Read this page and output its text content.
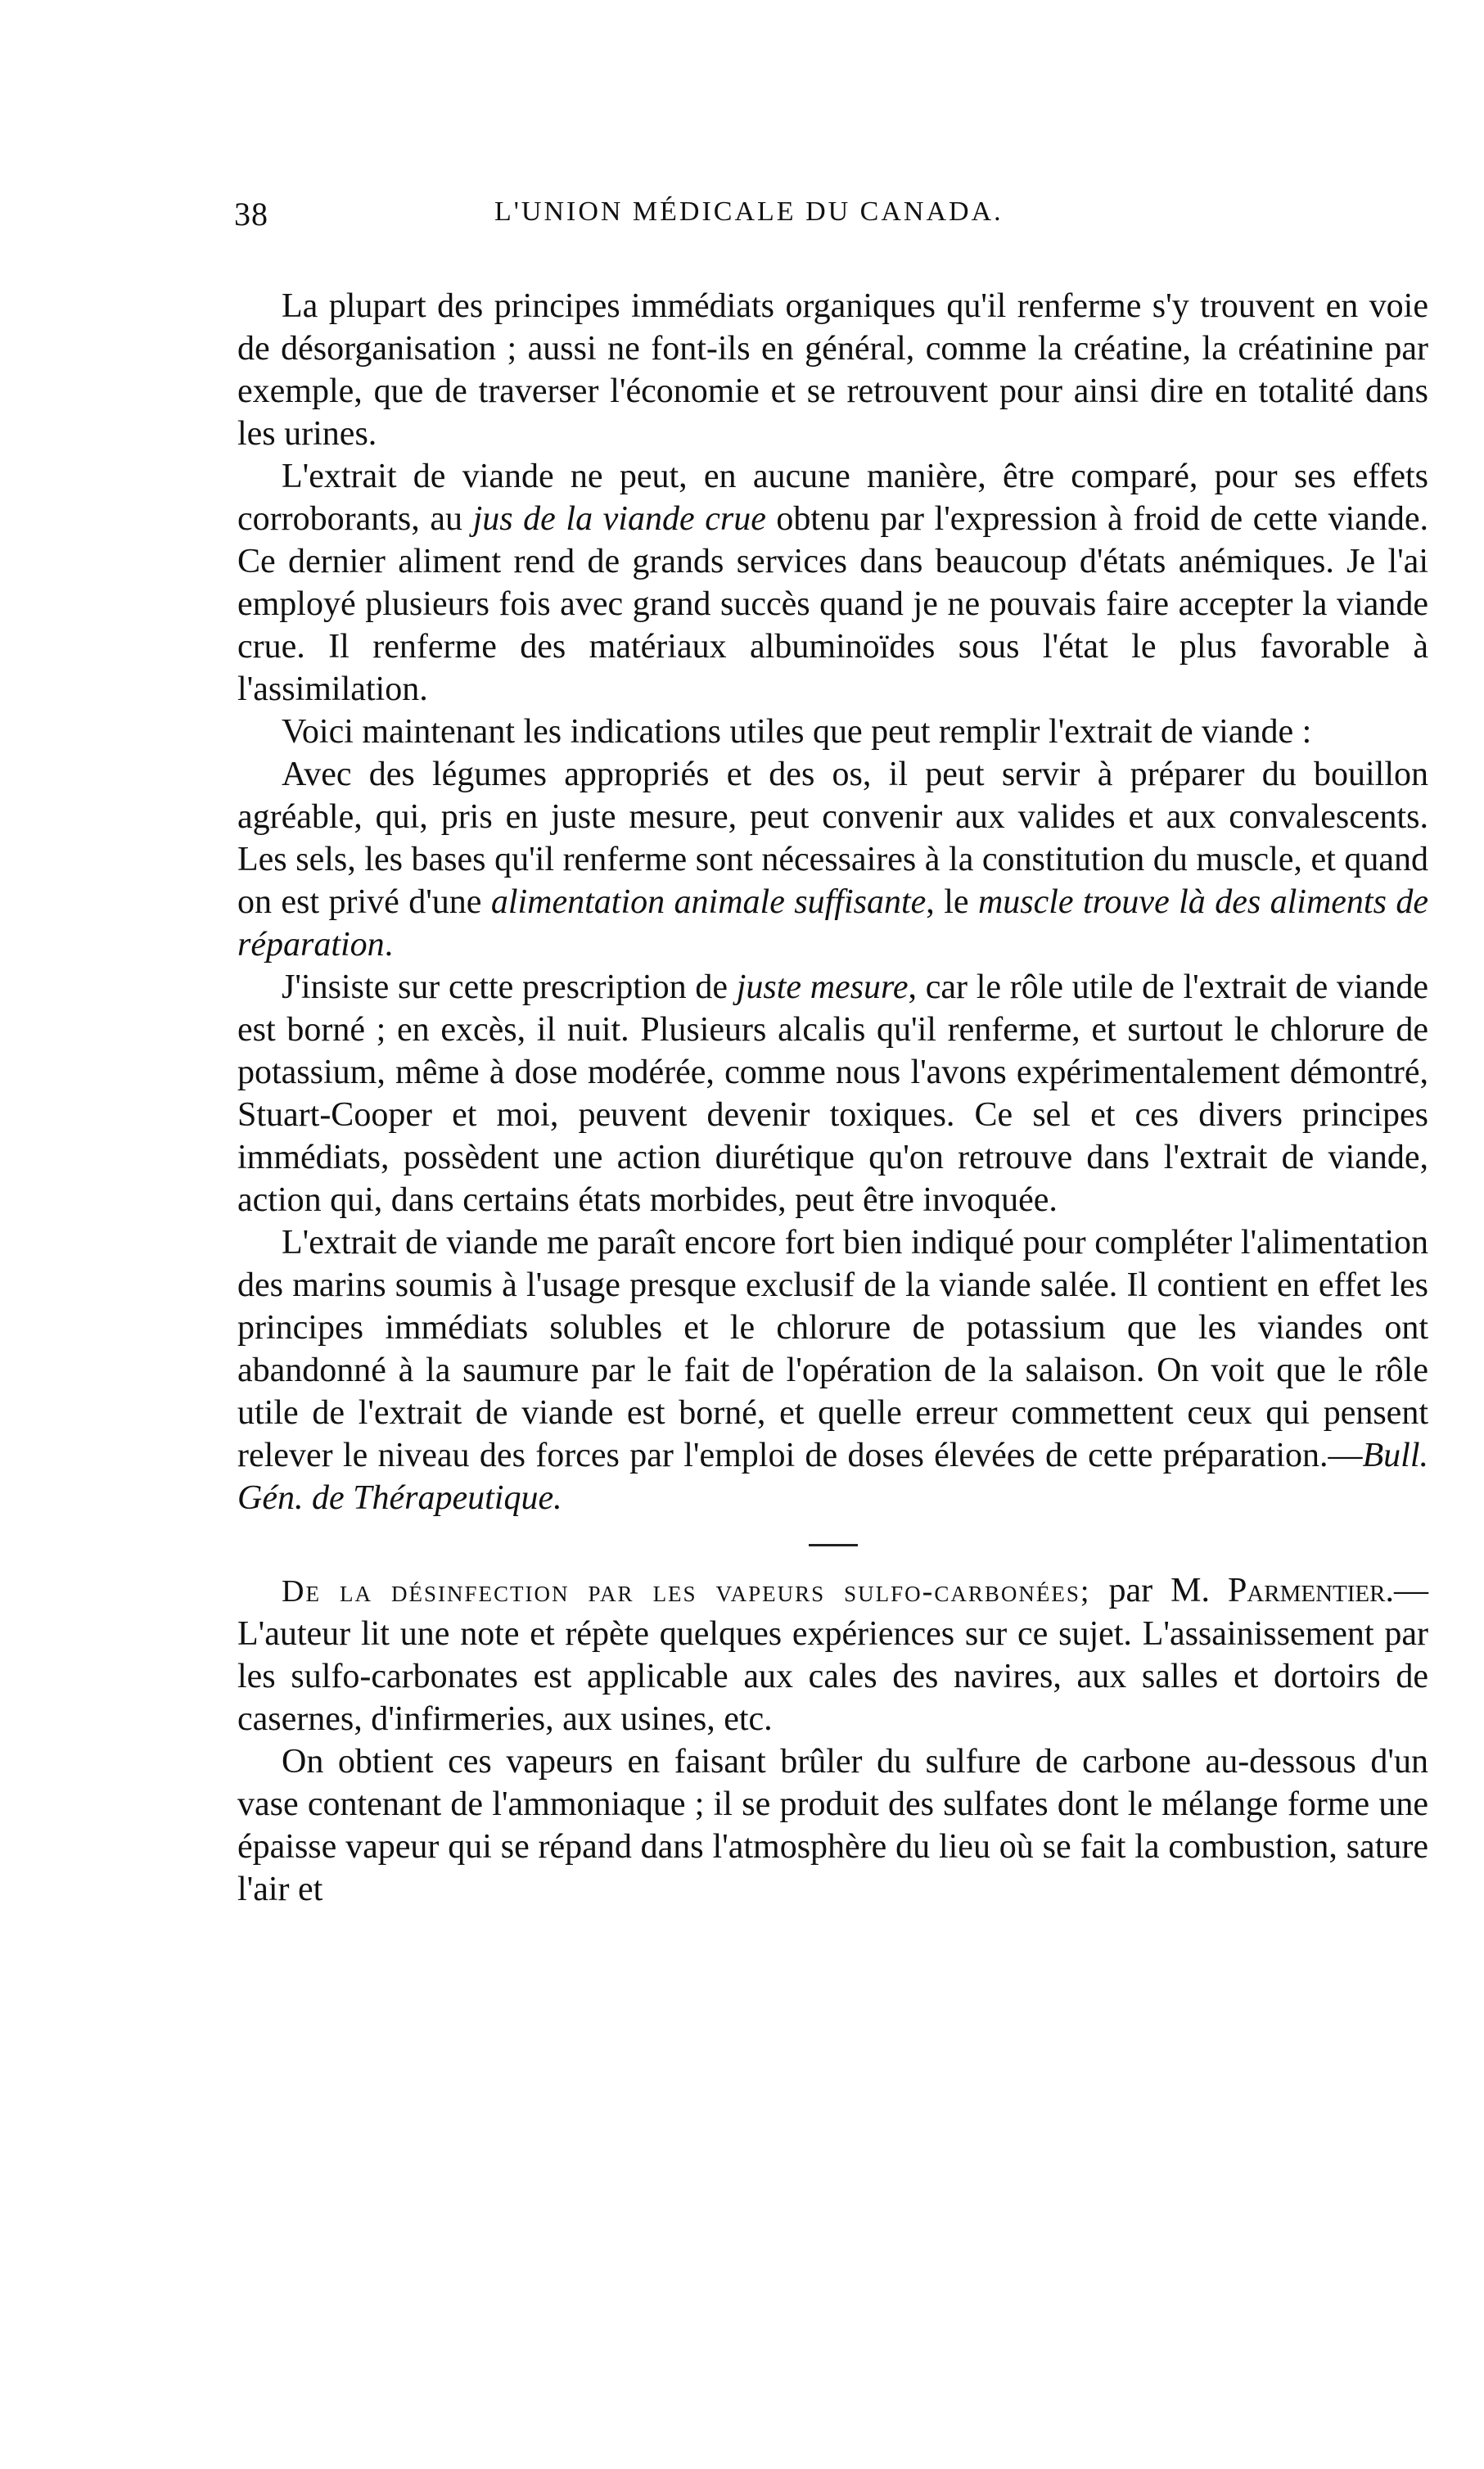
38	L'UNION MÉDICALE DU CANADA.

La plupart des principes immédiats organiques qu'il renferme s'y trouvent en voie de désorganisation ; aussi ne font-ils en général, comme la créatine, la créatinine par exemple, que de traverser l'économie et se retrouvent pour ainsi dire en totalité dans les urines.

L'extrait de viande ne peut, en aucune manière, être comparé, pour ses effets corroborants, au jus de la viande crue obtenu par l'expression à froid de cette viande. Ce dernier aliment rend de grands services dans beaucoup d'états anémiques. Je l'ai employé plusieurs fois avec grand succès quand je ne pouvais faire accepter la viande crue. Il renferme des matériaux albuminoïdes sous l'état le plus favorable à l'assimilation.

Voici maintenant les indications utiles que peut remplir l'extrait de viande :

Avec des légumes appropriés et des os, il peut servir à préparer du bouillon agréable, qui, pris en juste mesure, peut convenir aux valides et aux convalescents. Les sels, les bases qu'il renferme sont nécessaires à la constitution du muscle, et quand on est privé d'une alimentation animale suffisante, le muscle trouve là des aliments de réparation.

J'insiste sur cette prescription de juste mesure, car le rôle utile de l'extrait de viande est borné ; en excès, il nuit. Plusieurs alcalis qu'il renferme, et surtout le chlorure de potassium, même à dose modérée, comme nous l'avons expérimentalement démontré, Stuart-Cooper et moi, peuvent devenir toxiques. Ce sel et ces divers principes immédiats, possèdent une action diurétique qu'on retrouve dans l'extrait de viande, action qui, dans certains états morbides, peut être invoquée.

L'extrait de viande me paraît encore fort bien indiqué pour compléter l'alimentation des marins soumis à l'usage presque exclusif de la viande salée. Il contient en effet les principes immédiats solubles et le chlorure de potassium que les viandes ont abandonné à la saumure par le fait de l'opération de la salaison. On voit que le rôle utile de l'extrait de viande est borné, et quelle erreur commettent ceux qui pensent relever le niveau des forces par l'emploi de doses élevées de cette préparation.—Bull. Gén. de Thérapeutique.

De la désinfection par les vapeurs sulfo-carbonées; par M. Parmentier.—L'auteur lit une note et répète quelques expériences sur ce sujet. L'assainissement par les sulfo-carbonates est applicable aux cales des navires, aux salles et dortoirs de casernes, d'infirmeries, aux usines, etc.

On obtient ces vapeurs en faisant brûler du sulfure de carbone au-dessous d'un vase contenant de l'ammoniaque ; il se produit des sulfates dont le mélange forme une épaisse vapeur qui se répand dans l'atmosphère du lieu où se fait la combustion, sature l'air et
